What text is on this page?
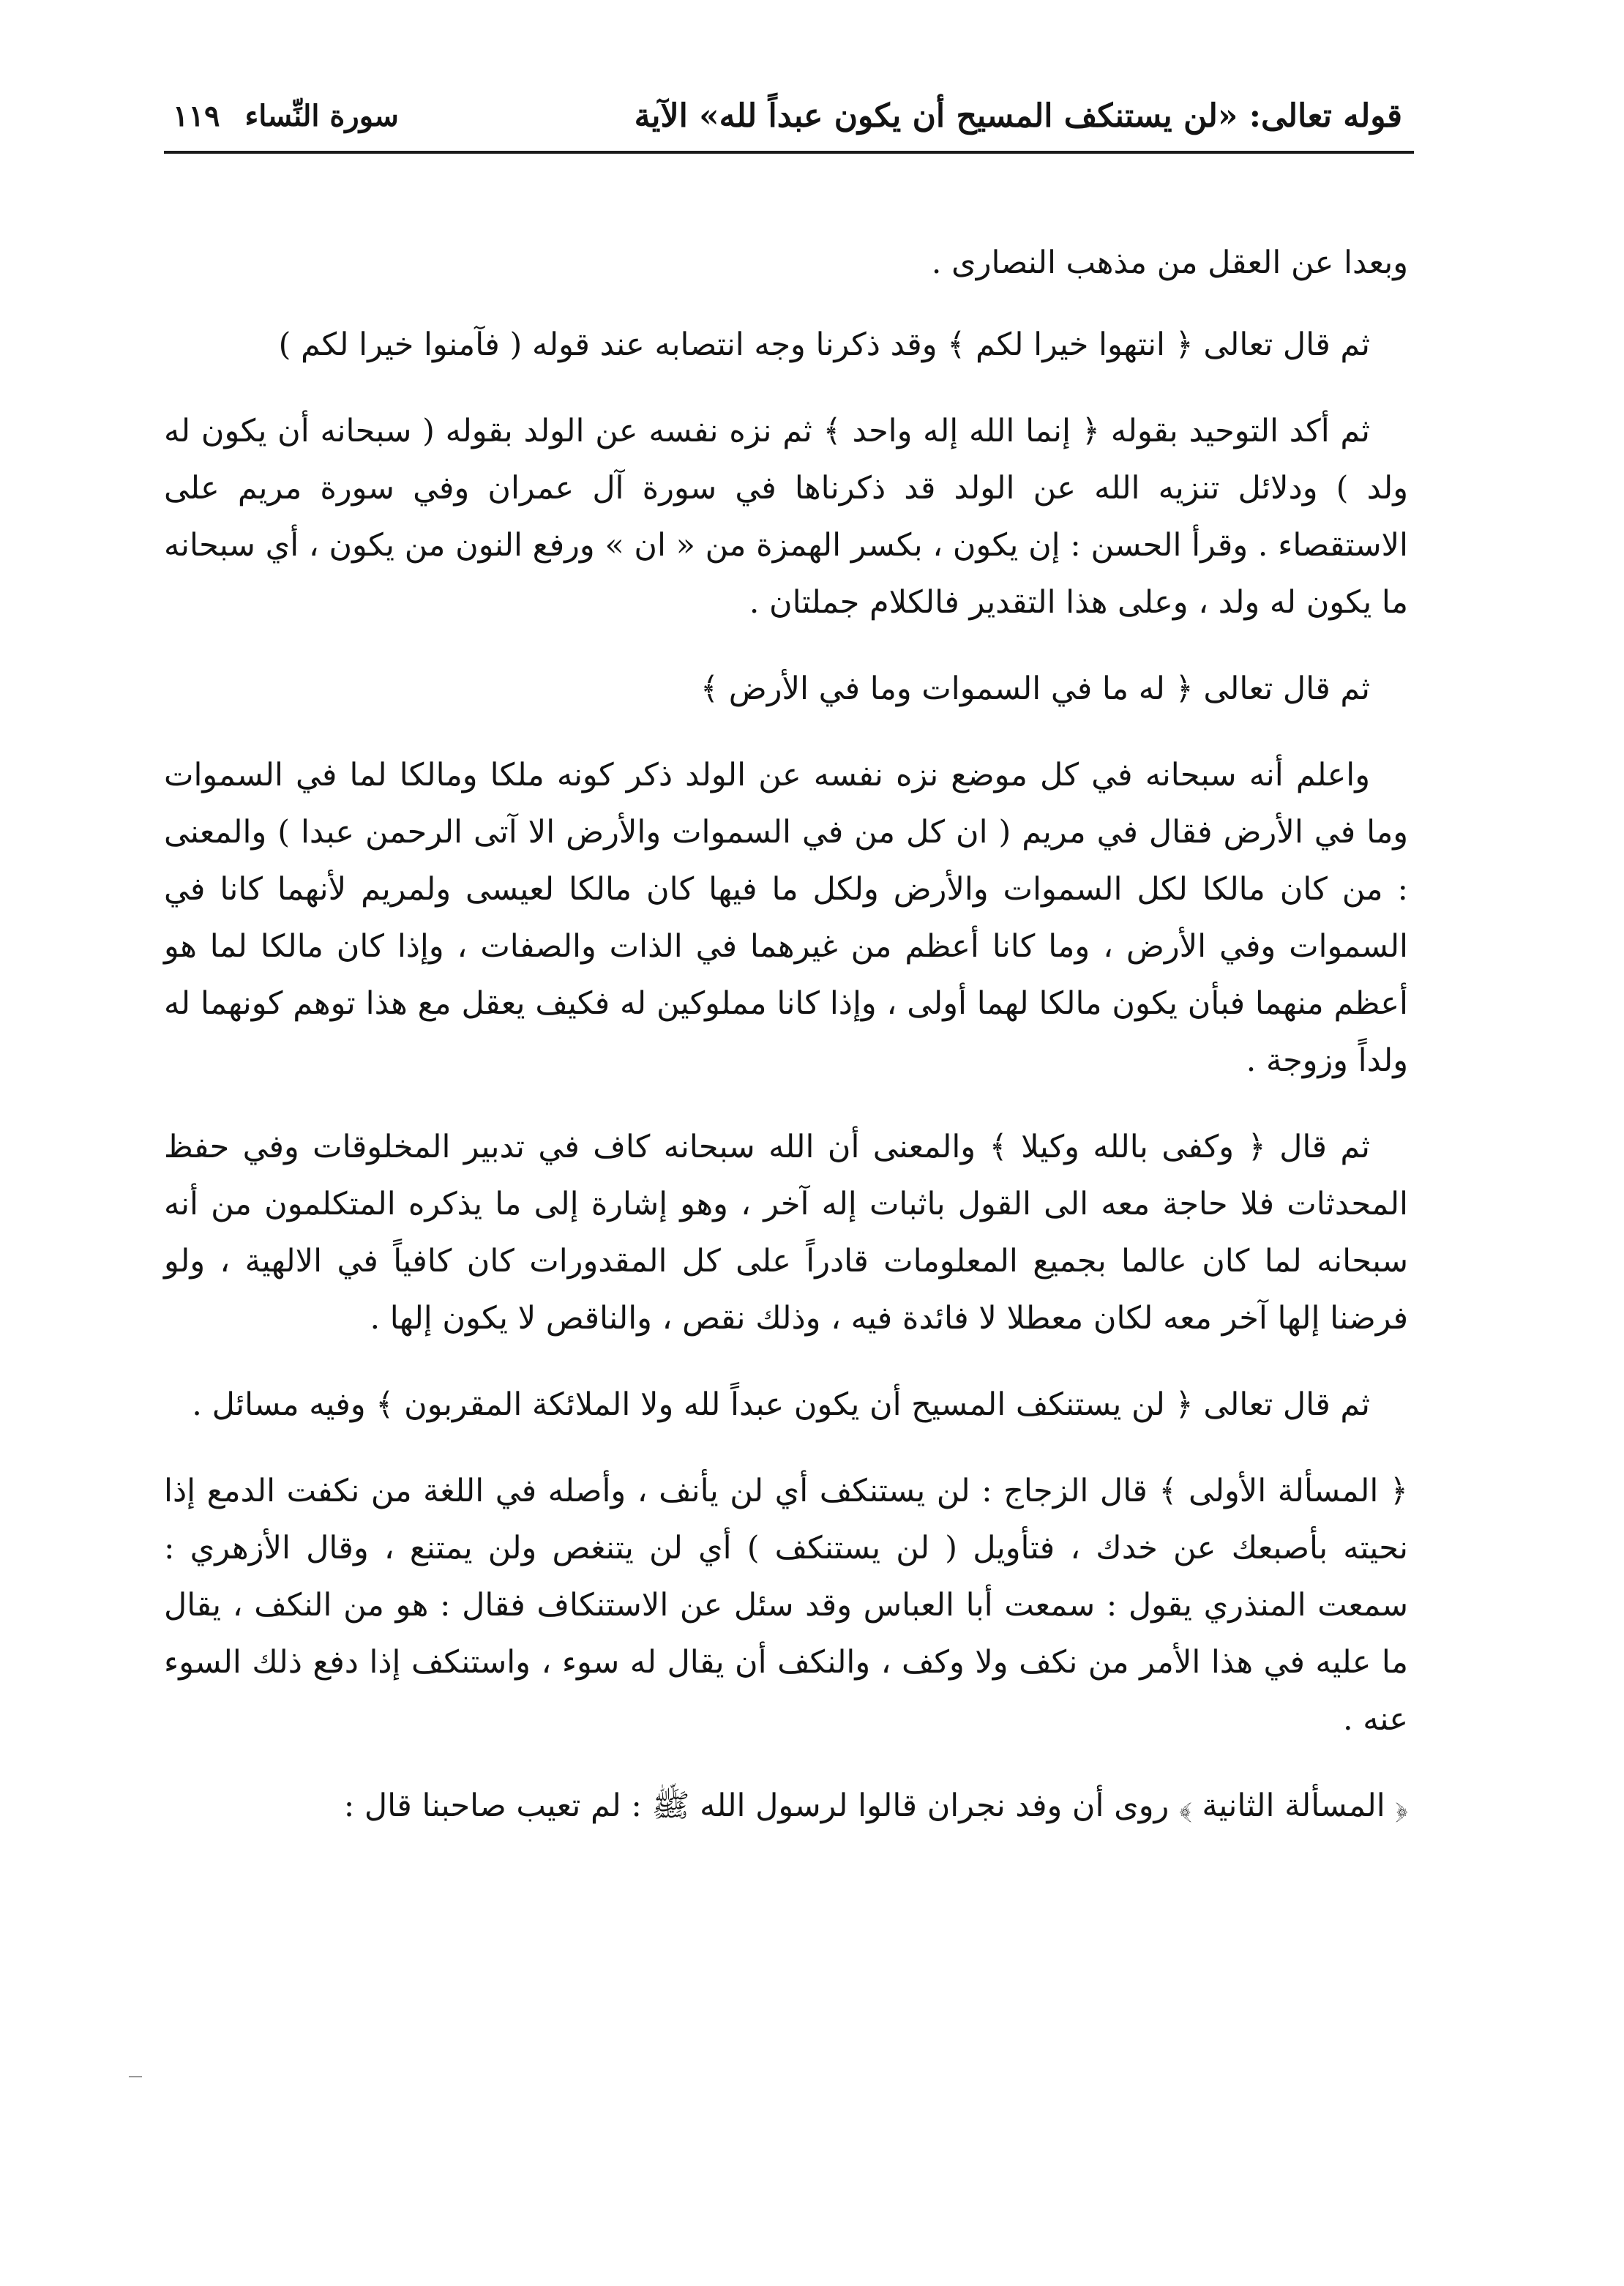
قوله تعالى: «لن يستنكف المسيح أن يكون عبداً لله» الآية
سورة النِّساء
١١٩

وبعدا عن العقل من مذهب النصارى .

ثم قال تعالى ﴿ انتهوا خيرا لكم ﴾ وقد ذكرنا وجه انتصابه عند قوله ( فآمنوا خيرا لكم )

ثم أكد التوحيد بقوله ﴿ إنما الله إله واحد ﴾ ثم نزه نفسه عن الولد بقوله ( سبحانه أن يكون له ولد ) ودلائل تنزيه الله عن الولد قد ذكرناها في سورة آل عمران وفي سورة مريم على الاستقصاء . وقرأ الحسن : إن يكون ، بكسر الهمزة من « ان » ورفع النون من يكون ، أي سبحانه ما يكون له ولد ، وعلى هذا التقدير فالكلام جملتان .

ثم قال تعالى ﴿ له ما في السموات وما في الأرض ﴾

واعلم أنه سبحانه في كل موضع نزه نفسه عن الولد ذكر كونه ملكا ومالكا لما في السموات وما في الأرض فقال في مريم ( ان كل من في السموات والأرض الا آتى الرحمن عبدا ) والمعنى : من كان مالكا لكل السموات والأرض ولكل ما فيها كان مالكا لعيسى ولمريم لأنهما كانا في السموات وفي الأرض ، وما كانا أعظم من غيرهما في الذات والصفات ، وإذا كان مالكا لما هو أعظم منهما فبأن يكون مالكا لهما أولى ، وإذا كانا مملوكين له فكيف يعقل مع هذا توهم كونهما له ولداً وزوجة .

ثم قال ﴿ وكفى بالله وكيلا ﴾ والمعنى أن الله سبحانه كاف في تدبير المخلوقات وفي حفظ المحدثات فلا حاجة معه الى القول باثبات إله آخر ، وهو إشارة إلى ما يذكره المتكلمون من أنه سبحانه لما كان عالما بجميع المعلومات قادراً على كل المقدورات كان كافياً في الالهية ، ولو فرضنا إلها آخر معه لكان معطلا لا فائدة فيه ، وذلك نقص ، والناقص لا يكون إلها .

ثم قال تعالى ﴿ لن يستنكف المسيح أن يكون عبداً لله ولا الملائكة المقربون ﴾ وفيه مسائل .

﴿ المسألة الأولى ﴾ قال الزجاج : لن يستنكف أي لن يأنف ، وأصله في اللغة من نكفت الدمع إذا نحيته بأصبعك عن خدك ، فتأويل ( لن يستنكف ) أي لن يتنغص ولن يمتنع ، وقال الأزهري : سمعت المنذري يقول : سمعت أبا العباس وقد سئل عن الاستنكاف فقال : هو من النكف ، يقال ما عليه في هذا الأمر من نكف ولا وكف ، والنكف أن يقال له سوء ، واستنكف إذا دفع ذلك السوء عنه .

﴿ المسألة الثانية ﴾ روى أن وفد نجران قالوا لرسول الله ﷺ : لم تعيب صاحبنا قال :
